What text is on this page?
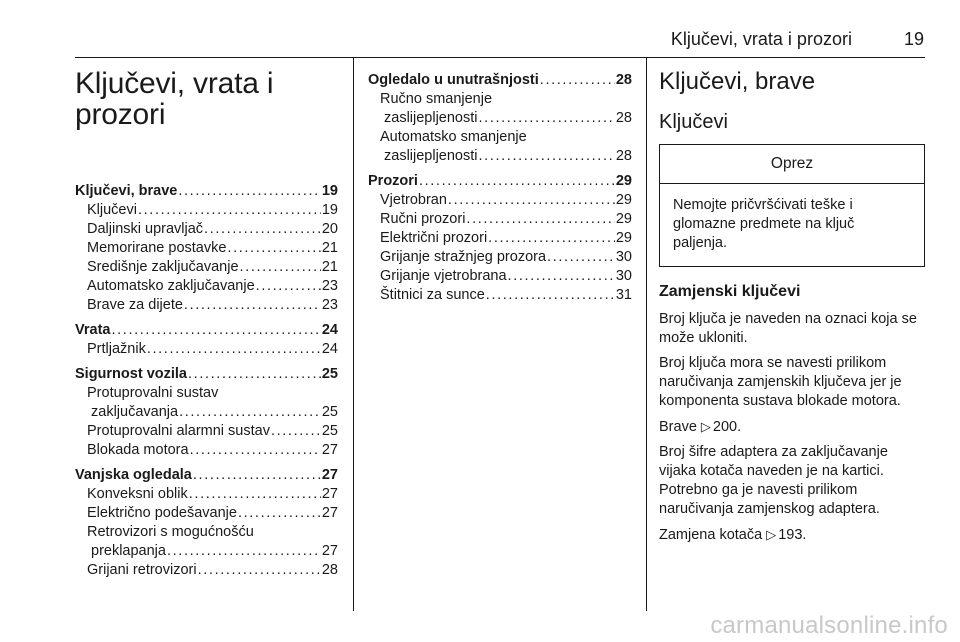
Ključevi, vrata i prozori	19
Ključevi, vrata i
prozori
Ključevi, brave . . .	19
Ključevi . . .	19
Daljinski upravljač . . .	20
Memorirane postavke . . .	21
Središnje zaključavanje . . .	21
Automatsko zaključavanje . . .	23
Brave za dijete . . .	23
Vrata . . .	24
Prtljažnik . . .	24
Sigurnost vozila . . .	25
Protuprovalni sustav
zaključavanja . . .	25
Protuprovalni alarmni sustav . . .	25
Blokada motora . . .	27
Vanjska ogledala . . .	27
Konveksni oblik . . .	27
Električno podešavanje . . .	27
Retrovizori s mogućnošću
preklapanja . . .	27
Grijani retrovizori . . .	28
Ogledalo u unutrašnjosti . . .	28
Ručno smanjenje
zaslijepljenosti . . .	28
Automatsko smanjenje
zaslijepljenosti . . .	28
Prozori . . .	29
Vjetrobran . . .	29
Ručni prozori . . .	29
Električni prozori . . .	29
Grijanje stražnjeg prozora . . .	30
Grijanje vjetrobrana . . .	30
Štitnici za sunce . . .	31
Ključevi, brave
Ključevi
Oprez
Nemojte pričvršćivati teške i glomazne predmete na ključ paljenja.
Zamjenski ključevi

Broj ključa je naveden na oznaci koja se može ukloniti.

Broj ključa mora se navesti prilikom naručivanja zamjenskih ključeva jer je komponenta sustava blokade motora.

Brave ▷ 200.

Broj šifre adaptera za zaključavanje vijaka kotača naveden je na kartici. Potrebno ga je navesti prilikom naručivanja zamjenskog adaptera.

Zamjena kotača ▷ 193.

carmanualsonline.info
